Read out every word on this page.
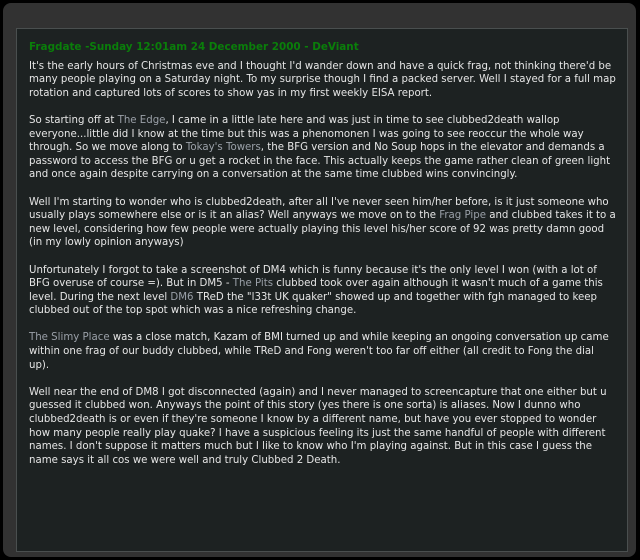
Fragdate -Sunday 12:01am 24 December 2000 - DeViant

It's the early hours of Christmas eve and I thought I'd wander down and have a quick frag, not thinking there'd be many people playing on a Saturday night. To my surprise though I find a packed server. Well I stayed for a full map rotation and captured lots of scores to show yas in my first weekly EISA report.

So starting off at The Edge, I came in a little late here and was just in time to see clubbed2death wallop everyone...little did I know at the time but this was a phenomonen I was going to see reoccur the whole way through. So we move along to Tokay's Towers, the BFG version and No Soup hops in the elevator and demands a password to access the BFG or u get a rocket in the face. This actually keeps the game rather clean of green light and once again despite carrying on a conversation at the same time clubbed wins convincingly.

Well I'm starting to wonder who is clubbed2death, after all I've never seen him/her before, is it just someone who usually plays somewhere else or is it an alias? Well anyways we move on to the Frag Pipe and clubbed takes it to a new level, considering how few people were actually playing this level his/her score of 92 was pretty damn good (in my lowly opinion anyways)

Unfortunately I forgot to take a screenshot of DM4 which is funny because it's the only level I won (with a lot of BFG overuse of course =). But in DM5 - The Pits clubbed took over again although it wasn't much of a game this level. During the next level DM6 TReD the "l33t UK quaker" showed up and together with fgh managed to keep clubbed out of the top spot which was a nice refreshing change.

The Slimy Place was a close match, Kazam of BMI turned up and while keeping an ongoing conversation up came within one frag of our buddy clubbed, while TReD and Fong weren't too far off either (all credit to Fong the dial up).

Well near the end of DM8 I got disconnected (again) and I never managed to screencapture that one either but u guessed it clubbed won. Anyways the point of this story (yes there is one sorta) is aliases. Now I dunno who clubbed2death is or even if they're someone I know by a different name, but have you ever stopped to wonder how many people really play quake? I have a suspicious feeling its just the same handful of people with different names. I don't suppose it matters much but I like to know who I'm playing against. But in this case I guess the name says it all cos we were well and truly Clubbed 2 Death.
